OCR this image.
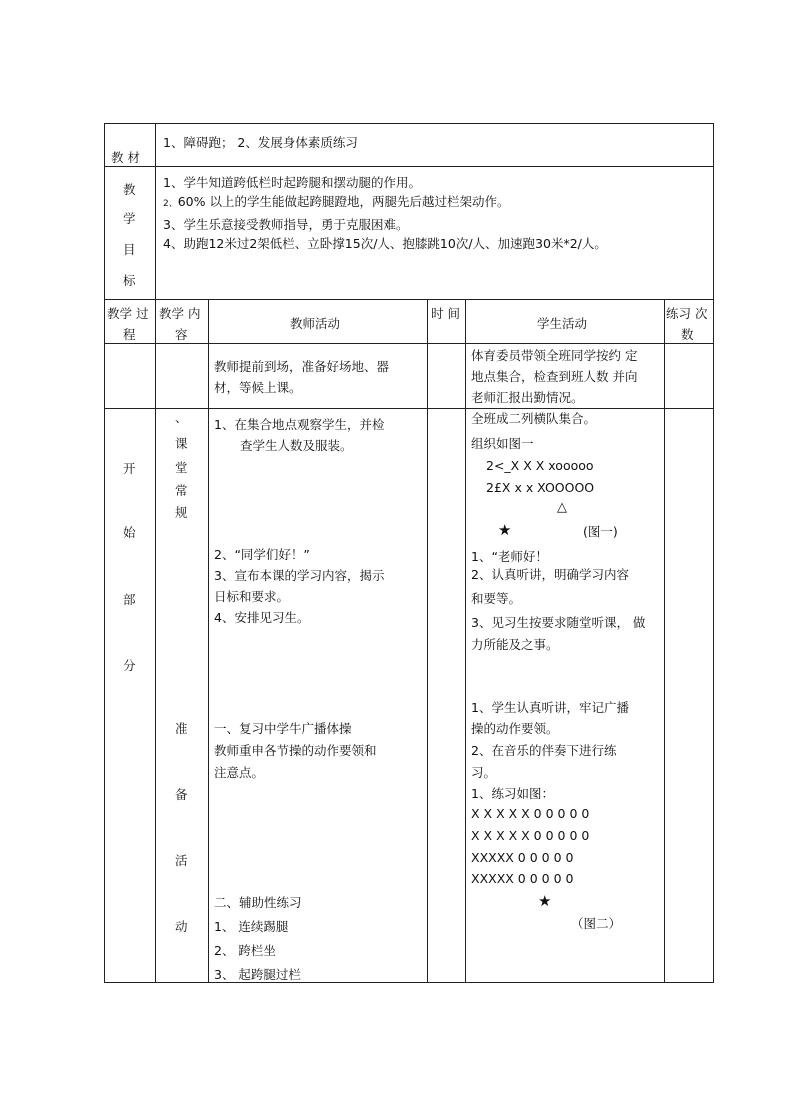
教 材
1、障碍跑； 2、发展身体素质练习
教
学
目
标
1、学牛知道跨低栏时起跨腿和摆动腿的作用。
2、60% 以上的学生能做起跨腿蹬地，两腿先后越过栏架动作。
3、学生乐意接受教师指导，勇于克服困难。
4、助跑12米过2架低栏、立卧撑15次/人、抱膝跳10次/人、加速跑30米*2/人。
教学 过
程
教学 内
容
教师活动
时 间
学生活动
练习 次
数
教师提前到场，准备好场地、器
材，等候上课。
体育委员带领全班同学按约 定
地点集合，检查到班人数 并向
老师汇报出勤情况。
开
始
部
分
、
课
堂
常
规
准
备
活
动
1、在集合地点观察学生，并检
查学生人数及服装。
2、“同学们好！”
3、宣布本课的学习内容，揭示
日标和要求。
4、安排见习生。
一、复习中学牛广播体操
教师重申各节操的动作要领和
注意点。
二、辅助性练习
1、 连续踢腿
2、 跨栏坐
3、 起跨腿过栏
全班成二列横队集合。
组织如图一
2<_X X X xooooo
2£X x x XOOOOO
△
★	(图一)
1、“老师好！
2、认真听讲，明确学习内容
和要等。
3、见习生按要求随堂听课， 做
力所能及之事。
1、学生认真听讲，牢记广播
操的动作要领。
2、在音乐的伴奏下进行练
习。
1、练习如图：
X X X X X 0 0 0 0 0
X X X X X 0 0 0 0 0
XXXXX 0 0 0 0 0
XXXXX 0 0 0 0 0
★
（图二）
